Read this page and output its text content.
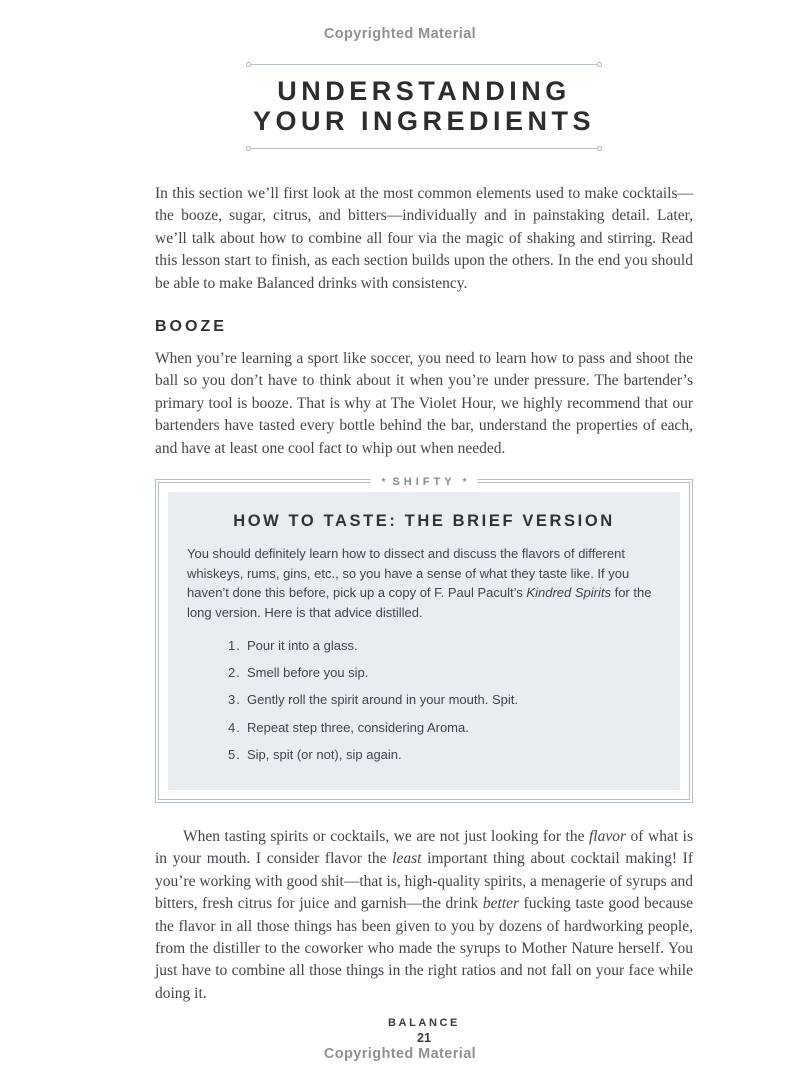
Copyrighted Material
UNDERSTANDING
YOUR INGREDIENTS

In this section we’ll first look at the most common elements used to make cocktails—the booze, sugar, citrus, and bitters—individually and in painstaking detail. Later, we’ll talk about how to combine all four via the magic of shaking and stirring. Read this lesson start to finish, as each section builds upon the others. In the end you should be able to make Balanced drinks with consistency.

BOOZE

When you’re learning a sport like soccer, you need to learn how to pass and shoot the ball so you don’t have to think about it when you’re under pressure. The bartender’s primary tool is booze. That is why at The Violet Hour, we highly recommend that our bartenders have tasted every bottle behind the bar, understand the properties of each, and have at least one cool fact to whip out when needed.

* SHIFTY *
HOW TO TASTE: THE BRIEF VERSION

You should definitely learn how to dissect and discuss the flavors of different whiskeys, rums, gins, etc., so you have a sense of what they taste like. If you haven’t done this before, pick up a copy of F. Paul Pacult’s Kindred Spirits for the long version. Here is that advice distilled.

1. Pour it into a glass.
2. Smell before you sip.
3. Gently roll the spirit around in your mouth. Spit.
4. Repeat step three, considering Aroma.
5. Sip, spit (or not), sip again.

When tasting spirits or cocktails, we are not just looking for the flavor of what is in your mouth. I consider flavor the least important thing about cocktail making! If you’re working with good shit—that is, high-quality spirits, a menagerie of syrups and bitters, fresh citrus for juice and garnish—the drink better fucking taste good because the flavor in all those things has been given to you by dozens of hardworking people, from the distiller to the coworker who made the syrups to Mother Nature herself. You just have to combine all those things in the right ratios and not fall on your face while doing it.

BALANCE
21
Copyrighted Material
